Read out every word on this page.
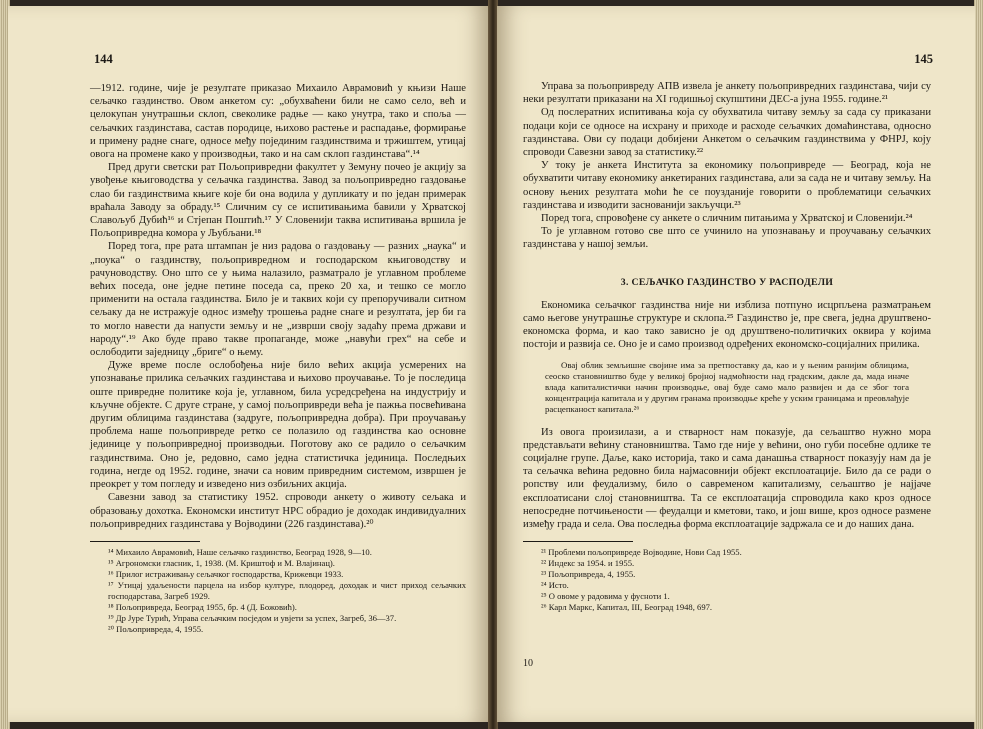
144

—1912. године, чије је резултате приказао Михаило Аврамовић у књизи Наше сељачко газдинство. Овом анкетом су: „обухваћени били не само село, већ и целокупан унутрашњи склоп, свеколике радње — како унутра, тако и споља — сељачких газдинстава, састав породице, њихово растење и распадање, формирање и примену радне снаге, односе међу појединим газдинствима и тржиштем, утицај овога на промене како у производњи, тако и на сам склоп газдинстава“.¹⁴

Пред други светски рат Пољопривредни факултет у Земуну почео је акцију за увођење књиговодства у сељачка газдинства. Завод за пољопривредно газдовање слао би газдинствима књиге које би она водила у дупликату и по један примерак враћала Заводу за обраду.¹⁵ Сличним су се испитивањима бавили у Хрватској Славољуб Дубић¹⁶ и Стјепан Поштић.¹⁷ У Словенији таква испитивања вршила је Пољопривредна комора у Љубљани.¹⁸

Поред тога, пре рата штампан је низ радова о газдовању — разних „наука“ и „поука“ о газдинству, пољопривредном и господарском књиговодству и рачуноводству. Оно што се у њима налазило, разматрало је углавном проблеме већих поседа, оне једне петине поседа са, преко 20 ха, и тешко се могло применити на остала газдинства. Било је и таквих који су препоручивали ситном сељаку да не истражује однос између трошења радне снаге и резултата, јер би га то могло навести да напусти земљу и не „изврши своју задаћу према држави и народу“.¹⁹ Ако буде право такве пропаганде, може „навући грех“ на себе и ослободити заједницу „бриге“ о њему.

Дуже време после ослобођења није било већих акција усмерених на упознавање прилика сељачких газдинстава и њихово проучавање. То је последица оште привредне политике која је, углавном, била усредсређена на индустрију и кључне објекте. С друге стране, у самој пољопривреди већа је пажња посвећивана другим облицима газдинстава (задруге, пољопривредна добра). При проучавању проблема наше пољопривреде ретко се полазило од газдинства као основне јединице у пољопривредној производњи. Поготову ако се радило о сељачким газдинствима. Оно је, редовно, само једна статистичка јединица. Последњих година, негде од 1952. године, значи са новим привредним системом, извршен је преокрет у том погледу и изведено низ озбиљних акција.

Савезни завод за статистику 1952. спроводи анкету о животу сељака и образовању дохотка. Економски институт НРС обрадио је доходак индивидуалних пољопривредних газдинстава у Војводини (226 газдинстава).²⁰

¹⁴ Михаило Аврамовић, Наше сељачко газдинство, Београд 1928, 9—10.
¹⁵ Агрономски гласник, 1, 1938. (М. Криштоф и М. Влајинац).
¹⁶ Прилог истраживању сељачког господарства, Крижевци 1933.
¹⁷ Утицај удаљености парцела на избор културе, плодоред, доходак и чист приход сељачких господарстава, Загреб 1929.
¹⁸ Пољопривреда, Београд 1955, бр. 4 (Д. Божовић).
¹⁹ Др Јуре Турић, Управа сељачким посједом и увјети за успех, Загреб, 36—37.
²⁰ Пољопривреда, 4, 1955.
145

Управа за пољопривреду АПВ извела је анкету пољопривредних газдинстава, чији су неки резултати приказани на XI годишњој скупштини ДЕС-а јуна 1955. године.²¹

Од послератних испитивања која су обухватила читаву земљу за сада су приказани подаци који се односе на исхрану и приходе и расходе сељачких домаћинстава, односно газдинстава. Ови су подаци добијени Анкетом о сељачким газдинствима у ФНРЈ, коју спроводи Савезни завод за статистику.²²

У току је анкета Института за економику пољопривреде — Београд, која не обухватити читаву економику анкетираних газдинстава, али за сада не и читаву земљу. На основу њених резултата моћи ће се поузданије говорити о проблематици сељачких газдинстава и изводити заснованији закључци.²³

Поред тога, спровођене су анкете о сличним питањима у Хрватској и Словенији.²⁴

То је углавном готово све што се учинило на упознавању и проучавању сељачких газдинстава у нашој земљи.

3. СЕЉАЧКО ГАЗДИНСТВО У РАСПОДЕЛИ

Економика сељачког газдинства није ни изблиза потпуно исцрпљена разматрањем само његове унутрашње структуре и склопа.²⁵ Газдинство је, пре свега, једна друштвено-економска форма, и као тако зависно је од друштвено-политичких оквира у којима постоји и развија се. Оно је и само производ одређених економско-социјалних прилика.

Овај облик земљишне својине има за претпоставку да, као и у њеним ранијим облицима, сеоско становништво буде у великој бројној надмоћности над градским, дакле да, мада иначе влада капиталистички начин производње, овај буде само мало развијен и да се због тога концентрација капитала и у другим гранама производње креће у уским границама и преовлађује расцепканост капитала.²⁶

Из овога произилази, а и стварност нам показује, да сељаштво нужно мора представљати већину становништва. Тамо где није у већини, оно губи посебне одлике те социјалне групе. Даље, како историја, тако и сама данашња стварност показују нам да је та сељачка већина редовно била најмасовнији објект експлоатације. Било да се ради о ропству или феудализму, било о савременом капитализму, сељаштво је најјаче експлоатисани слој становништва. Та се експлоатација спроводила како кроз односе непосредне потчињености — феудалци и кметови, тако, и још више, кроз односе размене између града и села. Ова последња форма експлоатације задржала се и до наших дана.

²¹ Проблеми пољопривреде Војводине, Нови Сад 1955.
²² Индекс за 1954. и 1955.
²³ Пољопривреда, 4, 1955.
²⁴ Исто.
²⁵ О овоме у радовима у фусноти 1.
²⁶ Карл Маркс, Капитал, III, Београд 1948, 697.
10
